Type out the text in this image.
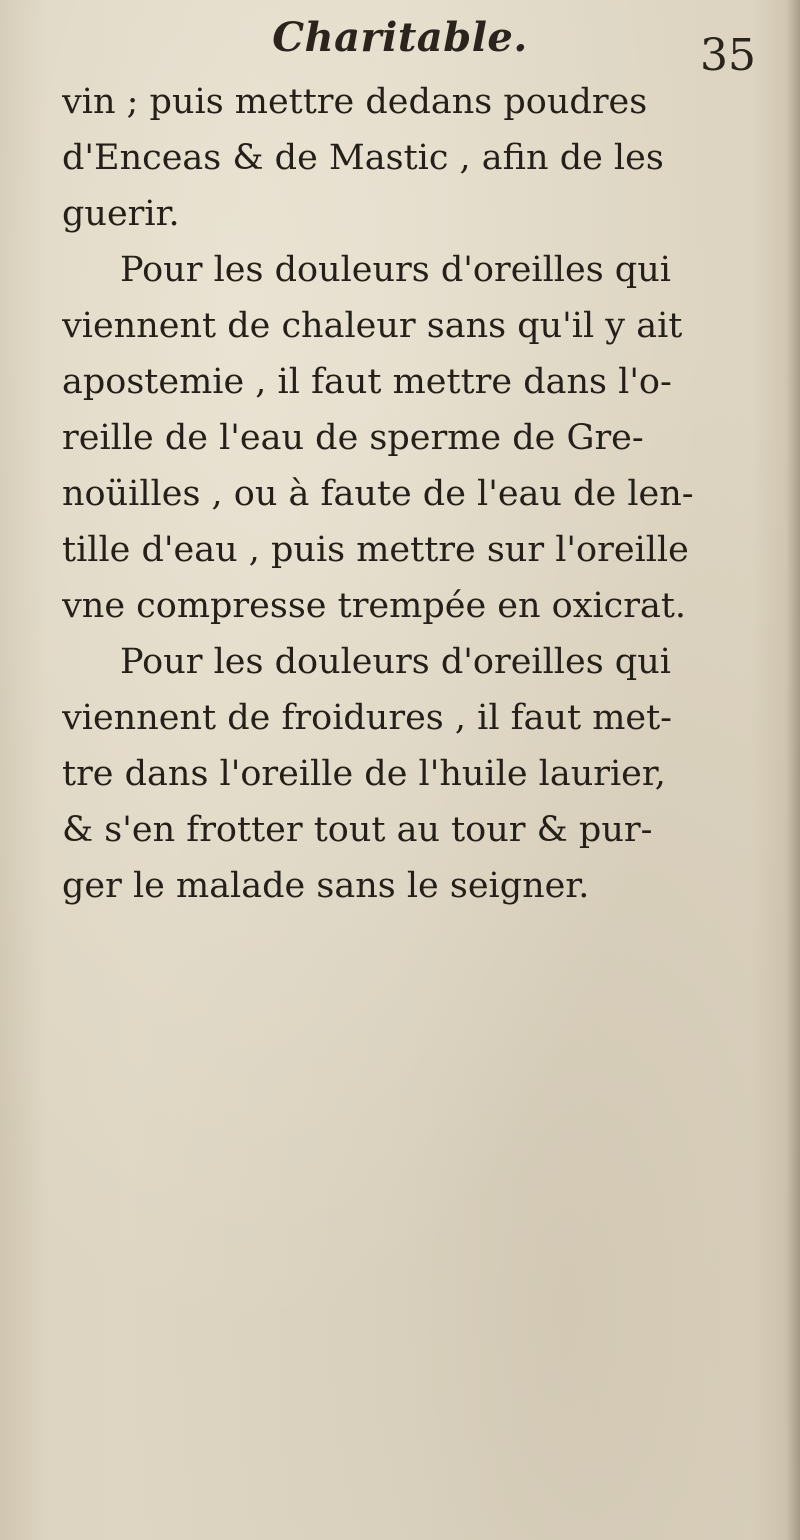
Charitable.	35
vin ; puis mettre dedans poudres
d'Enceas & de Mastic , afin de les
guerir.
Pour les douleurs d'oreilles qui
viennent de chaleur sans qu'il y ait
apostemie , il faut mettre dans l'o-
reille de l'eau de sperme de Gre-
noüilles , ou à faute de l'eau de len-
tille d'eau , puis mettre sur l'oreille
vne compresse trempée en oxicrat.
Pour les douleurs d'oreilles qui
viennent de froidures , il faut met-
tre dans l'oreille de l'huile laurier,
& s'en frotter tout au tour & pur-
ger le malade sans le seigner.
